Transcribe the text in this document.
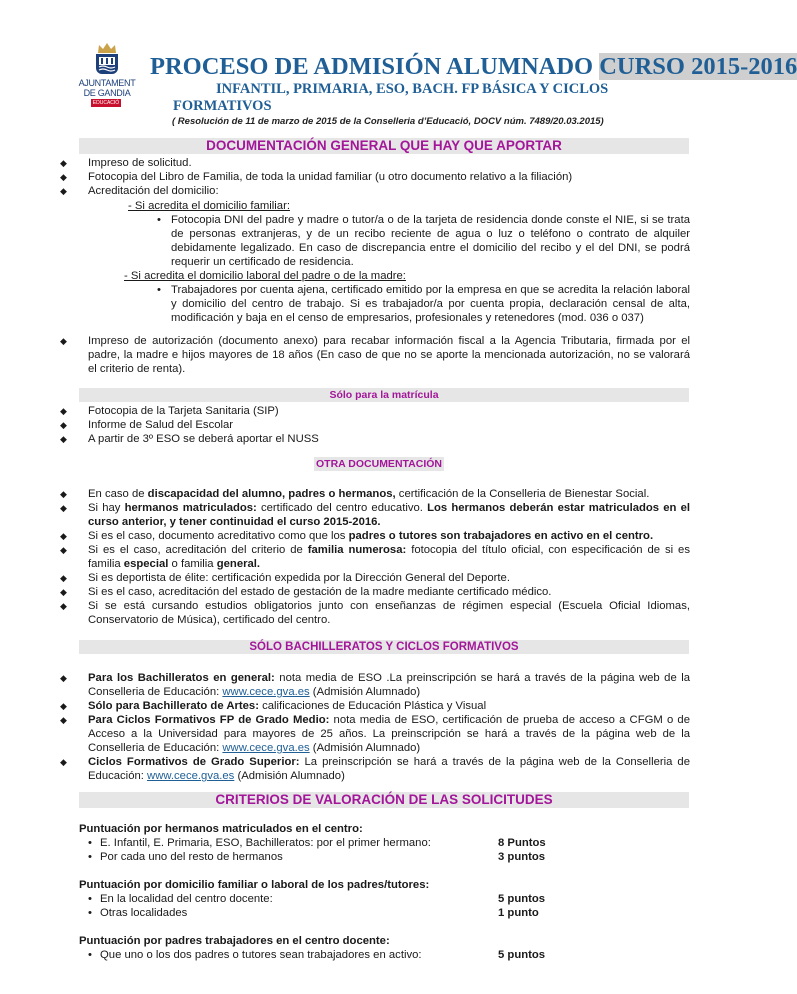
AJUNTAMENT
DE GANDIA
EDUCACIÓ
PROCESO DE ADMISIÓN ALUMNADO CURSO 2015-2016
INFANTIL, PRIMARIA, ESO, BACH. FP BÁSICA Y CICLOS
FORMATIVOS
( Resolución de 11 de marzo de 2015 de la Conselleria d’Educació, DOCV núm. 7489/20.03.2015)
DOCUMENTACIÓN GENERAL QUE HAY QUE APORTAR
◆ Impreso de solicitud.
◆ Fotocopia del Libro de Familia, de toda la unidad familiar (u otro documento relativo a la filiación)
◆ Acreditación del domicilio:
- Si acredita el domicilio familiar:
• Fotocopia DNI del padre y madre o tutor/a o de la tarjeta de residencia donde conste el NIE, si se trata de personas extranjeras, y de un recibo reciente de agua o luz o teléfono o contrato de alquiler debidamente legalizado. En caso de discrepancia entre el domicilio del recibo y el del DNI, se podrá requerir un certificado de residencia.
- Si acredita el domicilio laboral del padre o de la madre:
• Trabajadores por cuenta ajena, certificado emitido por la empresa en que se acredita la relación laboral y domicilio del centro de trabajo. Si es trabajador/a por cuenta propia, declaración censal de alta, modificación y baja en el censo de empresarios, profesionales y retenedores (mod. 036 o 037)
◆ Impreso de autorización (documento anexo) para recabar información fiscal a la Agencia Tributaria, firmada por el padre, la madre e hijos mayores de 18 años (En caso de que no se aporte la mencionada autorización, no se valorará el criterio de renta).
Sólo para la matrícula
◆ Fotocopia de la Tarjeta Sanitaria (SIP)
◆ Informe de Salud del Escolar
◆ A partir de 3º ESO se deberá aportar el NUSS
OTRA DOCUMENTACIÓN
◆ En caso de discapacidad del alumno, padres o hermanos, certificación de la Conselleria de Bienestar Social.
◆ Si hay hermanos matriculados: certificado del centro educativo. Los hermanos deberán estar matriculados en el curso anterior, y tener continuidad el curso 2015-2016.
◆ Si es el caso, documento acreditativo como que los padres o tutores son trabajadores en activo en el centro.
◆ Si es el caso, acreditación del criterio de familia numerosa: fotocopia del título oficial, con especificación de si es familia especial o familia general.
◆ Si es deportista de élite: certificación expedida por la Dirección General del Deporte.
◆ Si es el caso, acreditación del estado de gestación de la madre mediante certificado médico.
◆ Si se está cursando estudios obligatorios junto con enseñanzas de régimen especial (Escuela Oficial Idiomas, Conservatorio de Música), certificado del centro.
SÓLO BACHILLERATOS Y CICLOS FORMATIVOS
◆ Para los Bachilleratos en general: nota media de ESO .La preinscripción se hará a través de la página web de la Conselleria de Educación: www.cece.gva.es (Admisión Alumnado)
◆ Sólo para Bachillerato de Artes: calificaciones de Educación Plástica y Visual
◆ Para Ciclos Formativos FP de Grado Medio: nota media de ESO, certificación de prueba de acceso a CFGM o de Acceso a la Universidad para mayores de 25 años. La preinscripción se hará a través de la página web de la Conselleria de Educación: www.cece.gva.es (Admisión Alumnado)
◆ Ciclos Formativos de Grado Superior: La preinscripción se hará a través de la página web de la Conselleria de Educación: www.cece.gva.es (Admisión Alumnado)
CRITERIOS DE VALORACIÓN DE LAS SOLICITUDES
Puntuación por hermanos matriculados en el centro:
• E. Infantil, E. Primaria, ESO, Bachilleratos: por el primer hermano:	8 Puntos
• Por cada uno del resto de hermanos	3 puntos
Puntuación por domicilio familiar o laboral de los padres/tutores:
• En la localidad del centro docente:	5 puntos
• Otras localidades	1 punto
Puntuación por padres trabajadores en el centro docente:
• Que uno o los dos padres o tutores sean trabajadores en activo:	5 puntos
